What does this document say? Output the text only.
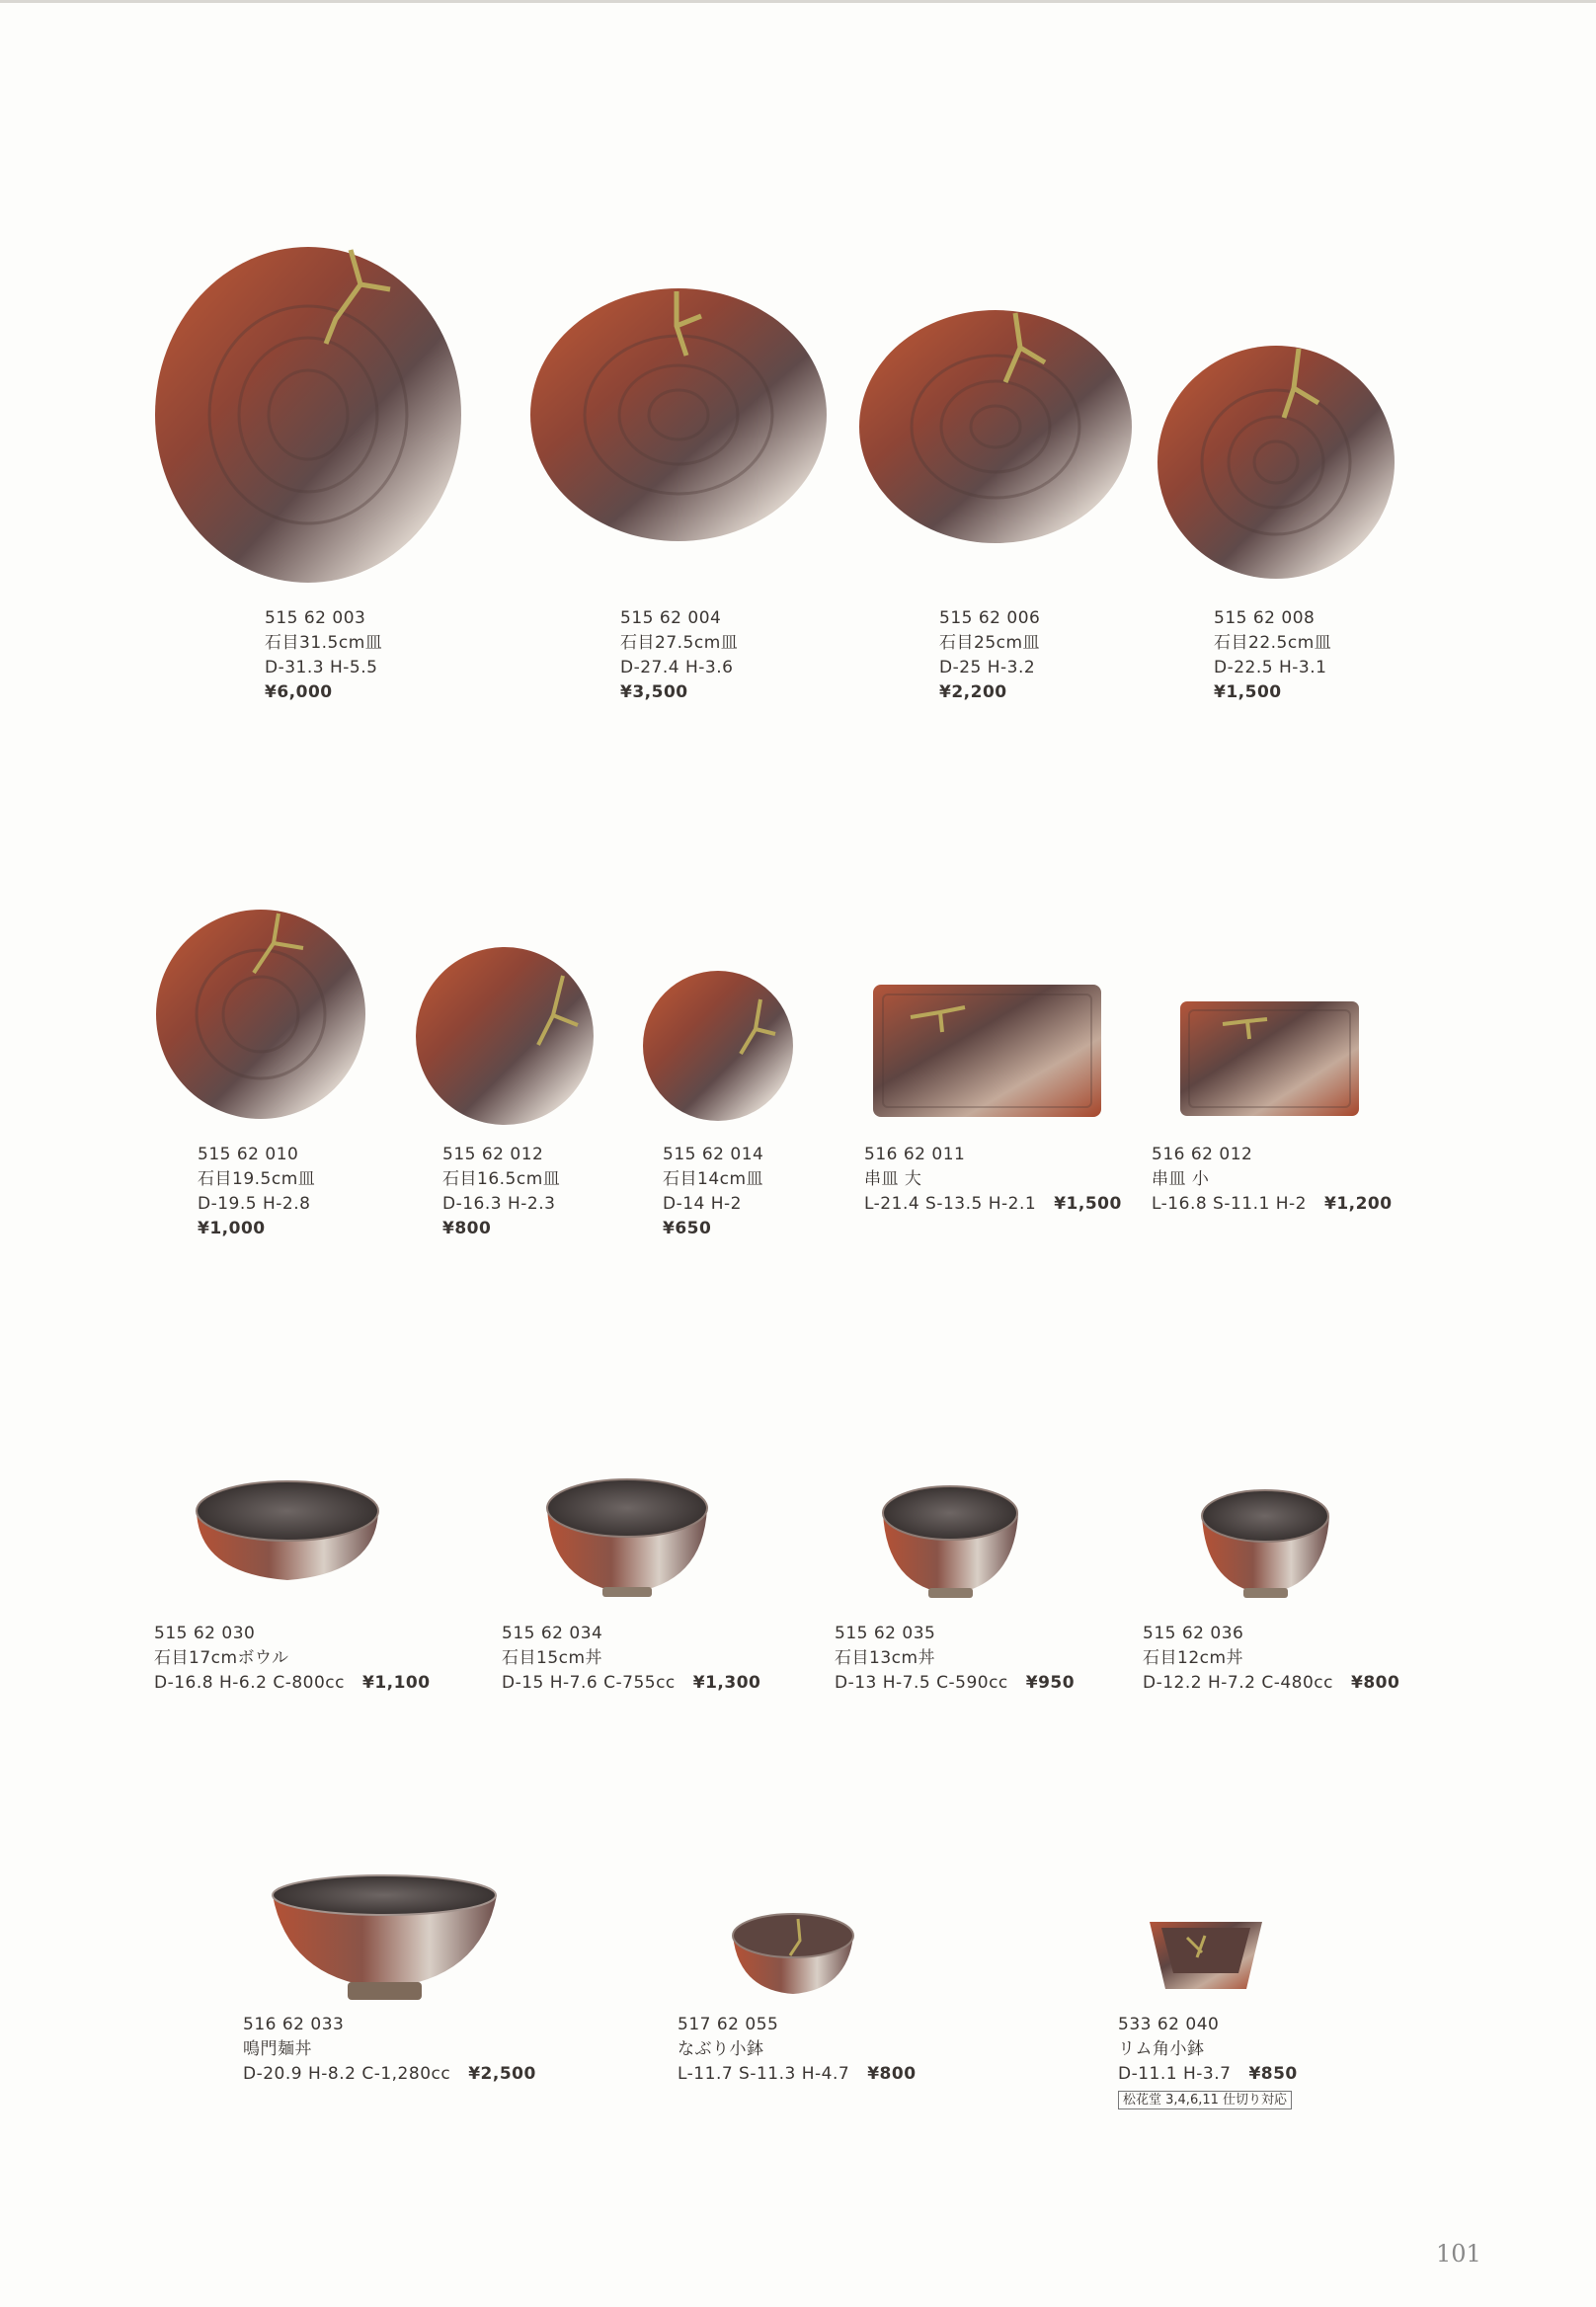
515 62 003
石目31.5cm皿
D-31.3 H-5.5
¥6,000
515 62 004
石目27.5cm皿
D-27.4 H-3.6
¥3,500
515 62 006
石目25cm皿
D-25 H-3.2
¥2,200
515 62 008
石目22.5cm皿
D-22.5 H-3.1
¥1,500
515 62 010
石目19.5cm皿
D-19.5 H-2.8
¥1,000
515 62 012
石目16.5cm皿
D-16.3 H-2.3
¥800
515 62 014
石目14cm皿
D-14 H-2
¥650
516 62 011
串皿 大
L-21.4 S-13.5 H-2.1 ¥1,500
516 62 012
串皿 小
L-16.8 S-11.1 H-2 ¥1,200
515 62 030
石目17cmボウル
D-16.8 H-6.2 C-800cc ¥1,100
515 62 034
石目15cm丼
D-15 H-7.6 C-755cc ¥1,300
515 62 035
石目13cm丼
D-13 H-7.5 C-590cc ¥950
515 62 036
石目12cm丼
D-12.2 H-7.2 C-480cc ¥800
516 62 033
鳴門麺丼
D-20.9 H-8.2 C-1,280cc ¥2,500
517 62 055
なぶり小鉢
L-11.7 S-11.3 H-4.7 ¥800
533 62 040
リム角小鉢
D-11.1 H-3.7 ¥850
松花堂 3,4,6,11 仕切り対応
101
